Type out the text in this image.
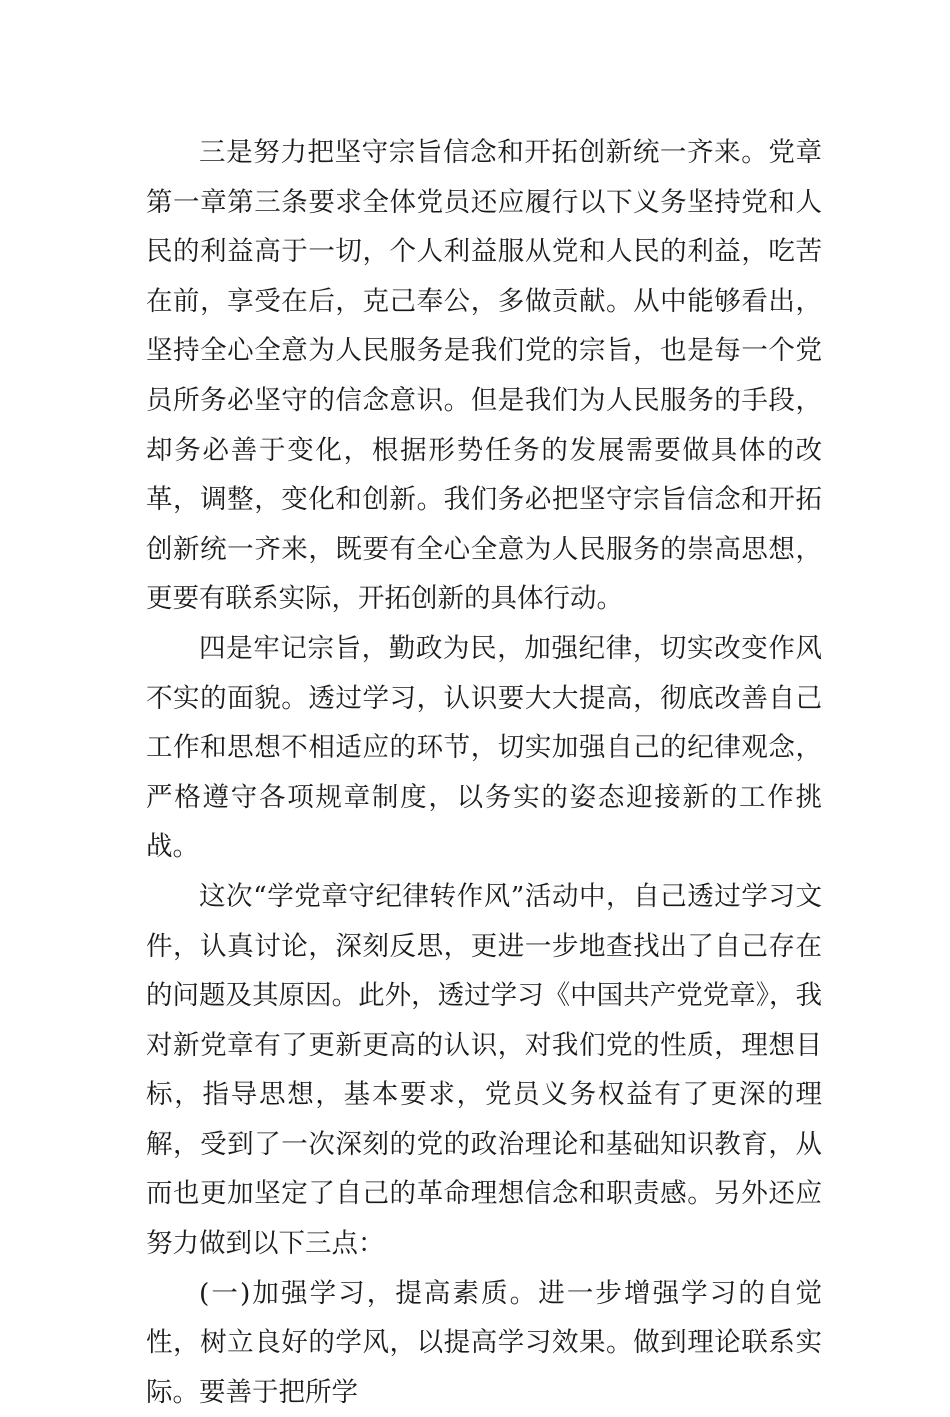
三是努力把坚守宗旨信念和开拓创新统一齐来。党章第一章第三条要求全体党员还应履行以下义务坚持党和人民的利益高于一切，个人利益服从党和人民的利益，吃苦在前，享受在后，克己奉公，多做贡献。从中能够看出，坚持全心全意为人民服务是我们党的宗旨，也是每一个党员所务必坚守的信念意识。但是我们为人民服务的手段，却务必善于变化，根据形势任务的发展需要做具体的改革，调整，变化和创新。我们务必把坚守宗旨信念和开拓创新统一齐来，既要有全心全意为人民服务的崇高思想，更要有联系实际，开拓创新的具体行动。

四是牢记宗旨，勤政为民，加强纪律，切实改变作风不实的面貌。透过学习，认识要大大提高，彻底改善自己工作和思想不相适应的环节，切实加强自己的纪律观念，严格遵守各项规章制度，以务实的姿态迎接新的工作挑战。

这次“学党章守纪律转作风”活动中，自己透过学习文件，认真讨论，深刻反思，更进一步地查找出了自己存在的问题及其原因。此外，透过学习《中国共产党党章》，我对新党章有了更新更高的认识，对我们党的性质，理想目标，指导思想，基本要求，党员义务权益有了更深的理解，受到了一次深刻的党的政治理论和基础知识教育，从而也更加坚定了自己的革命理想信念和职责感。另外还应努力做到以下三点：

(一)加强学习，提高素质。进一步增强学习的自觉性，树立良好的学风，以提高学习效果。做到理论联系实际。要善于把所学
